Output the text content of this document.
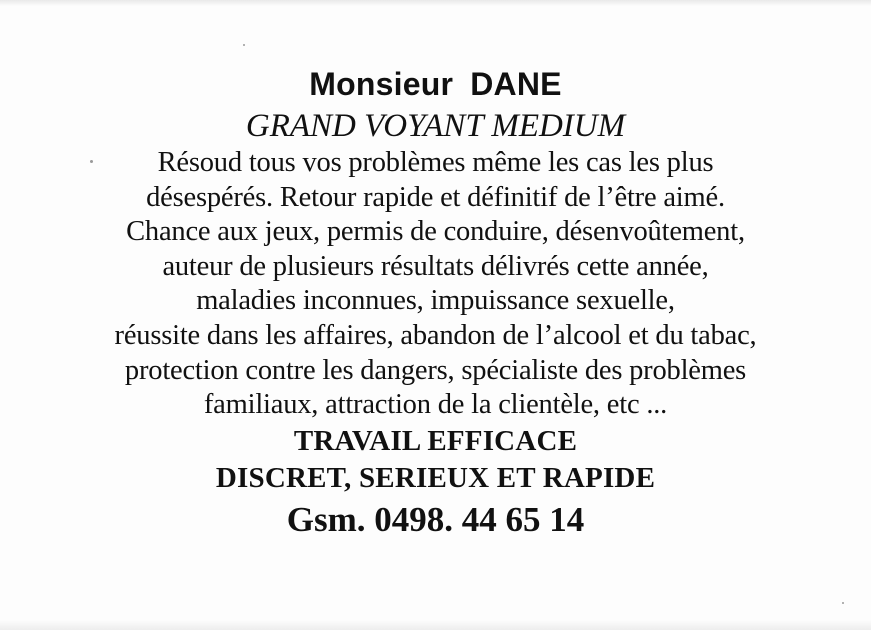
Monsieur DANE

GRAND VOYANT MEDIUM

Résoud tous vos problèmes même les cas les plus
désespérés. Retour rapide et définitif de l’être aimé.
Chance aux jeux, permis de conduire, désenvoûtement,
auteur de plusieurs résultats délivrés cette année,
maladies inconnues, impuissance sexuelle,
réussite dans les affaires, abandon de l’alcool et du tabac,
protection contre les dangers, spécialiste des problèmes
familiaux, attraction de la clientèle, etc ...

TRAVAIL EFFICACE

DISCRET, SERIEUX ET RAPIDE

Gsm. 0498. 44 65 14
